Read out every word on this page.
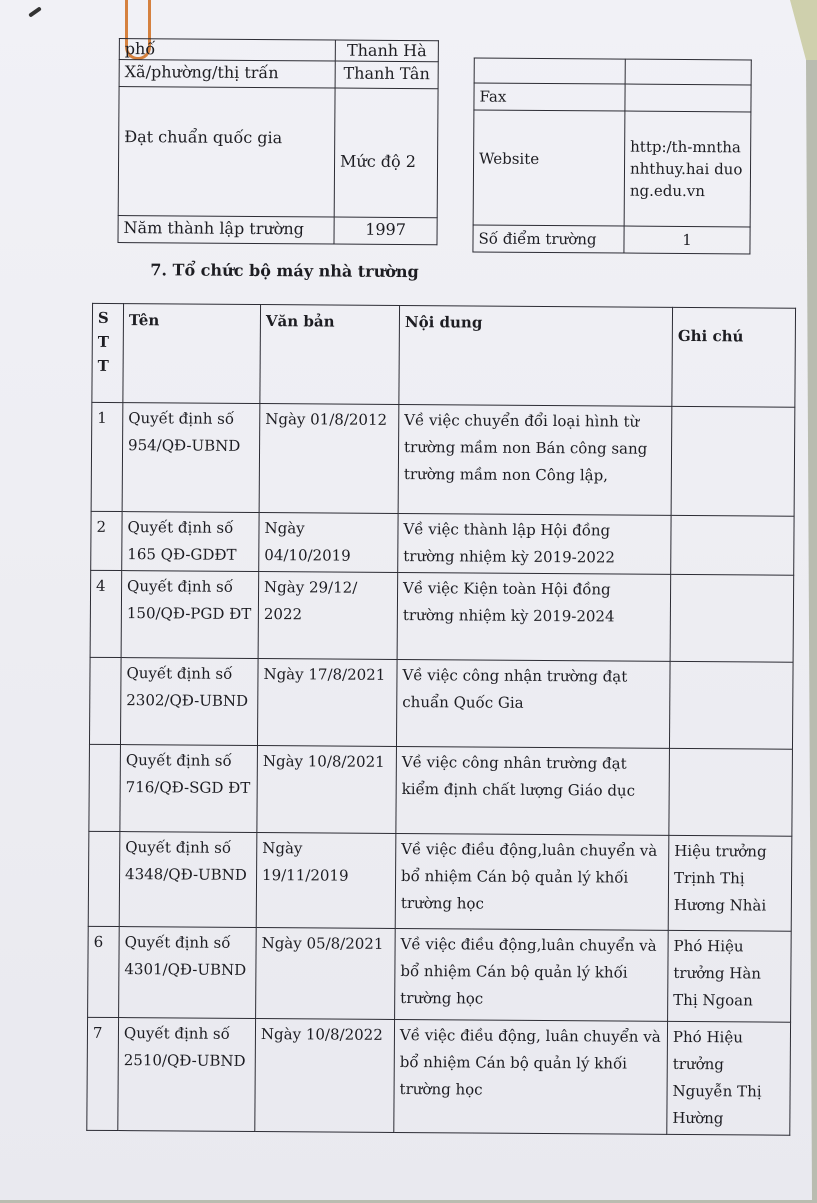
phố	Thanh Hà
Xã/phường/thị trấn	Thanh Tân
Đạt chuẩn quốc gia	Mức độ 2
Năm thành lập trường	1997

Fax	
Website	http:/th-mnthanhthuy.hai duong.edu.vn
Số điểm trường	1
7. Tổ chức bộ máy nhà trường
S T T	Tên	Văn bản	Nội dung	Ghi chú
1	Quyết định số 954/QĐ-UBND	Ngày 01/8/2012	Về việc chuyển đổi loại hình từ trường mầm non Bán công sang trường mầm non Công lập,	
2	Quyết định số 165 QĐ-GDĐT	Ngày 04/10/2019	Về việc thành lập Hội đồng trường nhiệm kỳ 2019-2022	
4	Quyết định số 150/QĐ-PGD ĐT	Ngày 29/12/ 2022	Về việc Kiện toàn Hội đồng trường nhiệm kỳ 2019-2024	
	Quyết định số 2302/QĐ-UBND	Ngày 17/8/2021	Về việc công nhận trường đạt chuẩn Quốc Gia	
	Quyết định số 716/QĐ-SGD ĐT	Ngày 10/8/2021	Về việc công nhân trường đạt kiểm định chất lượng Giáo dục	
	Quyết định số 4348/QĐ-UBND	Ngày 19/11/2019	Về việc điều động,luân chuyển và bổ nhiệm Cán bộ quản lý khối trường học	Hiệu trưởng Trịnh Thị Hương Nhài
6	Quyết định số 4301/QĐ-UBND	Ngày 05/8/2021	Về việc điều động,luân chuyển và bổ nhiệm Cán bộ quản lý khối trường học	Phó Hiệu trưởng Hàn Thị Ngoan
7	Quyết định số 2510/QĐ-UBND	Ngày 10/8/2022	Về việc điều động, luân chuyển và bổ nhiệm Cán bộ quản lý khối trường học	Phó Hiệu trưởng Nguyễn Thị Hường
